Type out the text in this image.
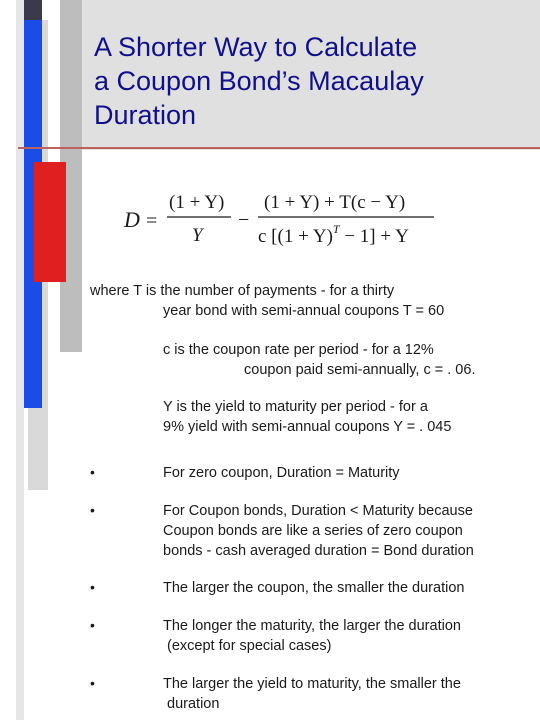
A Shorter Way to Calculate
a Coupon Bond’s Macaulay
Duration
D =
(1 + Y)
Y
−
(1 + Y) + T(c − Y)
c $[(1 + Y)^T - 1] + Y$
where T is the number of payments - for a thirty
year bond with semi-annual coupons T = 60
c is the coupon rate per period - for a 12%
coupon paid semi-annually, c = . 06.
Y is the yield to maturity per period - for a
9% yield with semi-annual coupons Y = . 045
•	For zero coupon, Duration = Maturity
•	For Coupon bonds, Duration < Maturity because
Coupon bonds are like a series of zero coupon
bonds - cash averaged duration = Bond duration
•	The larger the coupon, the smaller the duration
•	The longer the maturity, the larger the duration
(except for special cases)
•	The larger the yield to maturity, the smaller the
duration
